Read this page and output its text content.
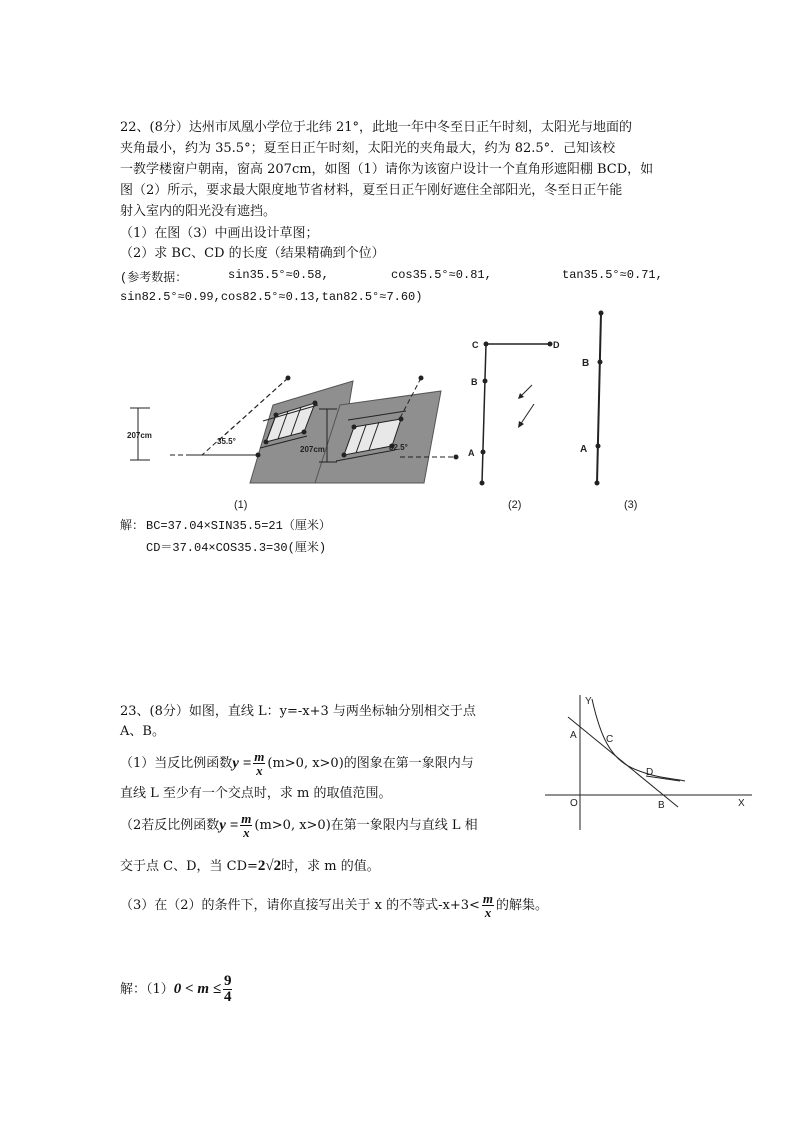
22、(8分）达州市凤凰小学位于北纬 21°，此地一年中冬至日正午时刻，太阳光与地面的
夹角最小，约为 35.5°；夏至日正午时刻，太阳光的夹角最大，约为 82.5°．己知该校
一教学楼窗户朝南，窗高 207cm，如图（1）请你为该窗户设计一个直角形遮阳棚 BCD，如
图（2）所示，要求最大限度地节省材料，夏至日正午刚好遮住全部阳光，冬至日正午能
射入室内的阳光没有遮挡。
（1）在图（3）中画出设计草图；
（2）求 BC、CD 的长度（结果精确到个位）
(参考数据：	sin35.5°≈0.58,	cos35.5°≈0.81,	tan35.5°≈0.71,
sin82.5°≈0.99,cos82.5°≈0.13,tan82.5°≈7.60)
207cm
35.5°
(1)
207cm	82.5°
C	D
B
A
(2)
B
A
(3)
解： BC=37.04×SIN35.5=21（厘米）
CD＝37.04×COS35.3=30(厘米)
23、(8分）如图，直线 L：y=-x+3 与两坐标轴分别相交于点
A、B。
（1）当反比例函数$y = \frac{m}{x} (m>0$, x>0)的图象在第一象限内与
直线 L 至少有一个交点时，求 m 的取值范围。
（2若反比例函数$y = \frac{m}{x} (m>0$, x>0)在第一象限内与直线 L 相
交于点 C、D，当 CD=2√2时，求 m 的值。
（3）在（2）的条件下，请你直接写出关于 x 的不等式$-x+3< \frac{m}{x}$ 的解集。
解：$(1)0 < m \le \frac{9}{4}$
Y
X
O
A	C
D
B
